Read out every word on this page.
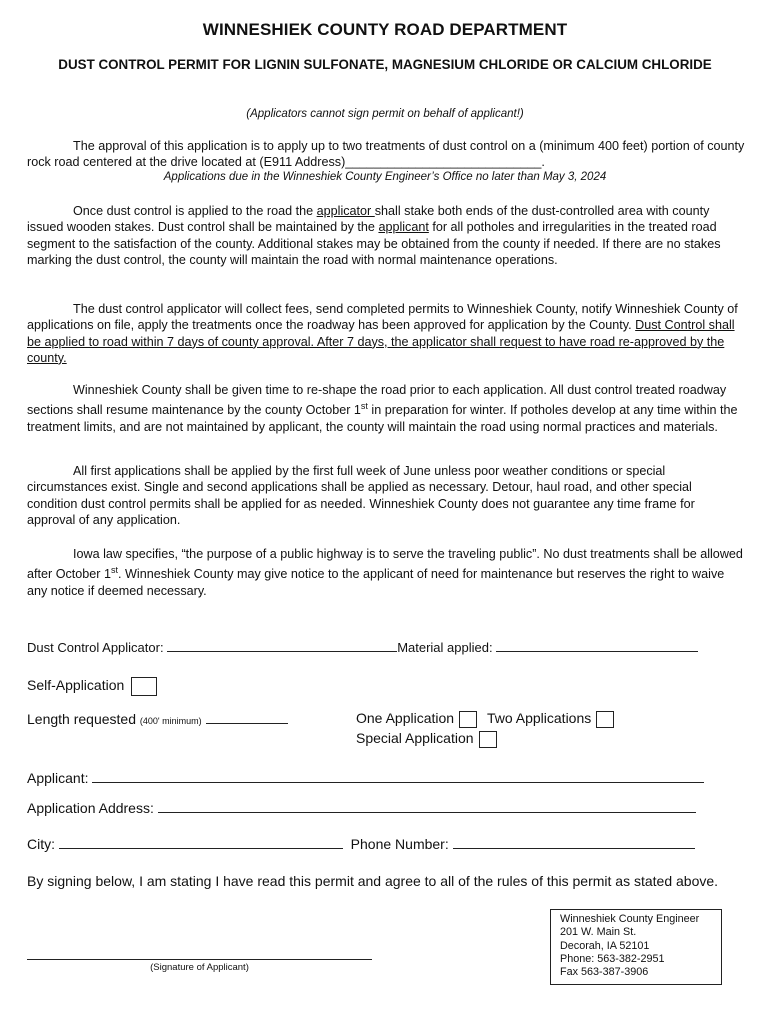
WINNESHIEK COUNTY ROAD DEPARTMENT
DUST CONTROL PERMIT FOR LIGNIN SULFONATE, MAGNESIUM CHLORIDE OR CALCIUM CHLORIDE
(Applicators cannot sign permit on behalf of applicant!)

The approval of this application is to apply up to two treatments of dust control on a (minimum 400 feet) portion of county rock road centered at the drive located at (E911 Address)____________________________.

Applications due in the Winneshiek County Engineer’s Office no later than May 3, 2024

Once dust control is applied to the road the applicator shall stake both ends of the dust-controlled area with county issued wooden stakes. Dust control shall be maintained by the applicant for all potholes and irregularities in the treated road segment to the satisfaction of the county. Additional stakes may be obtained from the county if needed. If there are no stakes marking the dust control, the county will maintain the road with normal maintenance operations.

The dust control applicator will collect fees, send completed permits to Winneshiek County, notify Winneshiek County of applications on file, apply the treatments once the roadway has been approved for application by the County. Dust Control shall be applied to road within 7 days of county approval. After 7 days, the applicator shall request to have road re-approved by the county.

Winneshiek County shall be given time to re-shape the road prior to each application. All dust control treated roadway sections shall resume maintenance by the county October 1st in preparation for winter. If potholes develop at any time within the treatment limits, and are not maintained by applicant, the county will maintain the road using normal practices and materials.

All first applications shall be applied by the first full week of June unless poor weather conditions or special circumstances exist. Single and second applications shall be applied as necessary. Detour, haul road, and other special condition dust control permits shall be applied for as needed. Winneshiek County does not guarantee any time frame for approval of any application.

Iowa law specifies, “the purpose of a public highway is to serve the traveling public”. No dust treatments shall be allowed after October 1st. Winneshiek County may give notice to the applicant of need for maintenance but reserves the right to waive any notice if deemed necessary.

Dust Control Applicator:	Material applied:
Self-Application
Length requested (400' minimum)	One Application Two Applications
Special Application
Applicant:
Application Address:
City:	Phone Number:
By signing below, I am stating I have read this permit and agree to all of the rules of this permit as stated above.
(Signature of Applicant)
Winneshiek County Engineer
201 W. Main St.
Decorah, IA 52101
Phone: 563-382-2951
Fax 563-387-3906
